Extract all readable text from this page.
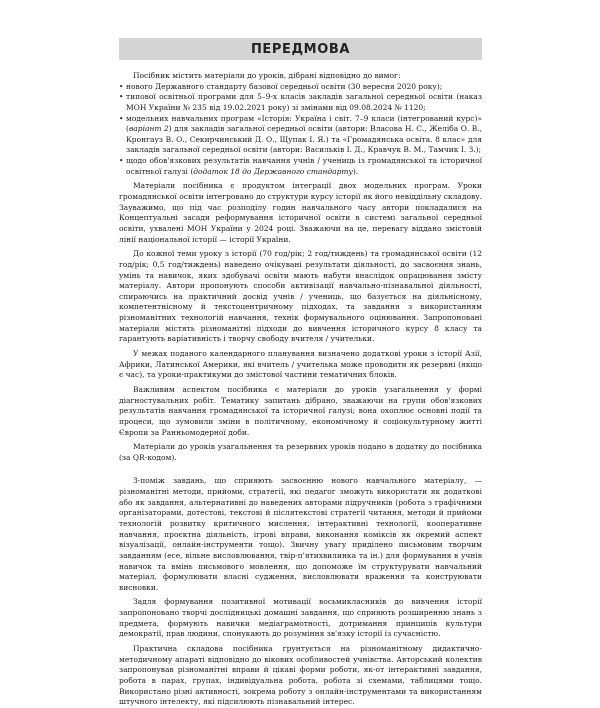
ПЕРЕДМОВА

Посібник містить матеріали до уроків, дібрані відповідно до вимог:

• нового Державного стандарту базової середньої освіти (30 вересня 2020 року);
• типової освітньої програми для 5–9-х класів закладів загальної середньої освіти (наказ МОН України № 235 від 19.02.2021 року) зі змінами від 09.08.2024 № 1120;
• модельних навчальних програм «Історія: Україна і світ. 7–9 класи (інтегрований курс)» (варіант 2) для закладів загальної середньої освіти (автори: Власова Н. С., Желіба О. В., Кронгауз В. О., Секирчинський Д. О., Щупак І. Я.) та «Громадянська освіта. 8 клас» для закладів загальної середньої освіти (автори: Васильків І. Д., Кравчук В. М., Тамчик І. З.);
• щодо обов'язкових результатів навчання учнів / учениць із громадянської та історичної освітньої галузі (додаток 18 до Державного стандарту).

Матеріали посібника є продуктом інтеграції двох модельних програм. Уроки громадянської освіти інтегровано до структури курсу історії як його невіддільну складову. Зауважимо, що під час розподілу годин навчального часу автори покладалися на Концептуальні засади реформування історичної освіти в системі загальної середньої освіти, ухвалені МОН України у 2024 році. Зважаючи на це, перевагу віддано змістовій лінії національної історії — історії України.

До кожної теми уроку з історії (70 год/рік; 2 год/тиждень) та громадянської освіти (12 год/рік; 0,5 год/тиждень) наведено очікувані результати діяльності, до засвоєння знань, умінь та навичок, яких здобувачі освіти мають набути внаслідок опрацювання змісту матеріалу. Автори пропонують способи активізації навчально-пізнавальної діяльності, спираючись на практичний досвід учнів / учениць, що базується на діяльнісному, компетентнісному й текстоцентричному підходах, та завдання з використанням різноманітних технологій навчання, технік формувального оцінювання. Запропоновані матеріали містять різноманітні підходи до вивчення історичного курсу 8 класу та гарантують варіативність і творчу свободу вчителя / учительки.

У межах поданого календарного планування визначено додаткові уроки з історії Азії, Африки, Латинської Америки, які вчитель / учителька може проводити як резервні (якщо є час), та уроки-практикуми до змістової частини тематичних блоків.

Важливим аспектом посібника є матеріали до уроків узагальнення у формі діагностувальних робіт. Тематику запитань дібрано, зважаючи на групи обов'язкових результатів навчання громадянської та історичної галузі; вона охоплює основні події та процеси, що зумовили зміни в політичному, економічному й соціокультурному житті Європи за Ранньомодерної доби.

Матеріали до уроків узагальнення та резервних уроків подано в додатку до посібника (за QR-кодом).

З-поміж завдань, що сприяють засвоєнню нового навчального матеріалу, — різноманітні методи, прийоми, стратегії, які педагог зможуть використати як додаткові або як завдання, альтернативні до наведених авторами підручників (робота з графічними організаторами, дотестові, текстові й післятекстові стратегії читання, методи й прийоми технологій розвитку критичного мислення, інтерактивні технології, кооперативне навчання, проєктна діяльність, ігрові вправи, виконання коміксів як окремий аспект візуалізації, онлайн-інструменти тощо). Звичну увагу приділено письмовим творчим завданням (есе, вільне висловлювання, твір-п'ятихвилинка та ін.) для формування в учнів навичок та вмінь письмового мовлення, що допоможе їм структурувати навчальний матеріал, формулювати власні судження, висловлювати враження та конструювати висновки.

Задля формування позитивної мотивації восьмикласників до вивчення історії запропоновано творчі дослідницькі домашні завдання, що сприяють розширенню знань з предмета, формують навички медіаграмотності, дотримання принципів культури демократії, прав людини, спонукають до розуміння зв'язку історії із сучасністю.

Практична складова посібника ґрунтується на різноманітному дидактично-методичному апараті відповідно до вікових особливостей учнівства. Авторський колектив запропонував різноманітні вправи й цікаві форми роботи, як-от інтерактивні завдання, робота в парах, групах, індивідуальна робота, робота зі схемами, таблицями тощо. Використано різні активності, зокрема роботу з онлайн-інструментами та використанням штучного інтелекту, які підсилюють пізнавальний інтерес.
